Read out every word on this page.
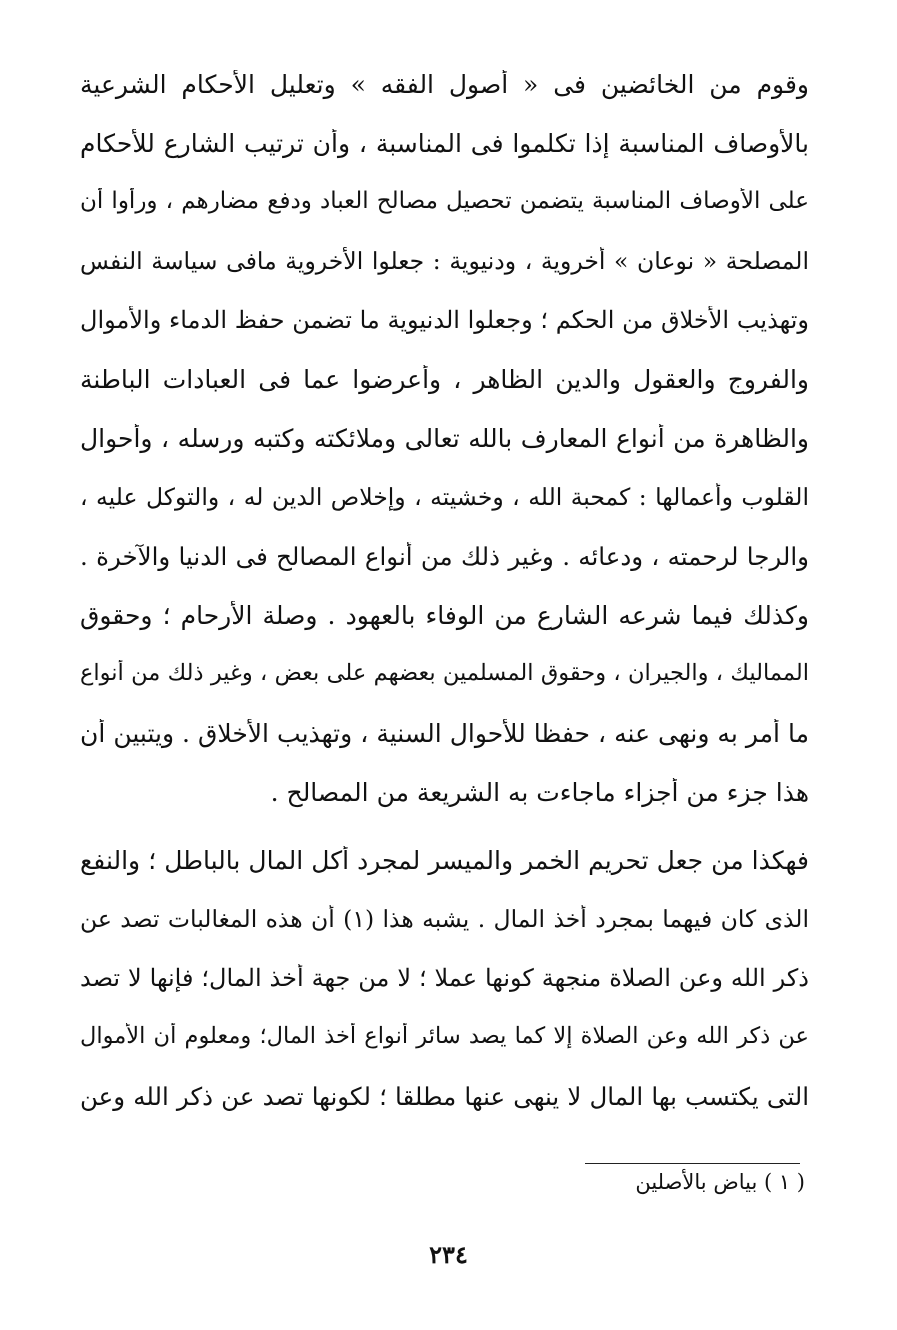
وقوم من الخائضين فى « أصول الفقه » وتعليل الأحكام الشرعية
بالأوصاف المناسبة إذا تكلموا فى المناسبة ، وأن ترتيب الشارع للأحكام
على الأوصاف المناسبة يتضمن تحصيل مصالح العباد ودفع مضارهم ، ورأوا أن
المصلحة « نوعان » أخروية ، ودنيوية : جعلوا الأخروية مافى سياسة النفس
وتهذيب الأخلاق من الحكم ؛ وجعلوا الدنيوية ما تضمن حفظ الدماء والأموال
والفروج والعقول والدين الظاهر ، وأعرضوا عما فى العبادات الباطنة
والظاهرة من أنواع المعارف بالله تعالى وملائكته وكتبه ورسله ، وأحوال
القلوب وأعمالها : كمحبة الله ، وخشيته ، وإخلاص الدين له ، والتوكل عليه ،
والرجا لرحمته ، ودعائه . وغير ذلك من أنواع المصالح فى الدنيا والآخرة .
وكذلك فيما شرعه الشارع من الوفاء بالعهود . وصلة الأرحام ؛ وحقوق
المماليك ، والجيران ، وحقوق المسلمين بعضهم على بعض ، وغير ذلك من أنواع
ما أمر به ونهى عنه ، حفظا للأحوال السنية ، وتهذيب الأخلاق . ويتبين أن
هذا جزء من أجزاء ماجاءت به الشريعة من المصالح .
فهكذا من جعل تحريم الخمر والميسر لمجرد أكل المال بالباطل ؛ والنفع
الذى كان فيهما بمجرد أخذ المال . يشبه هذا (١) أن هذه المغالبات تصد عن
ذكر الله وعن الصلاة منجهة كونها عملا ؛ لا من جهة أخذ المال؛ فإنها لا تصد
عن ذكر الله وعن الصلاة إلا كما يصد سائر أنواع أخذ المال؛ ومعلوم أن الأموال
التى يكتسب بها المال لا ينهى عنها مطلقا ؛ لكونها تصد عن ذكر الله وعن
( ١ ) بياض بالأصلين
٢٣٤
